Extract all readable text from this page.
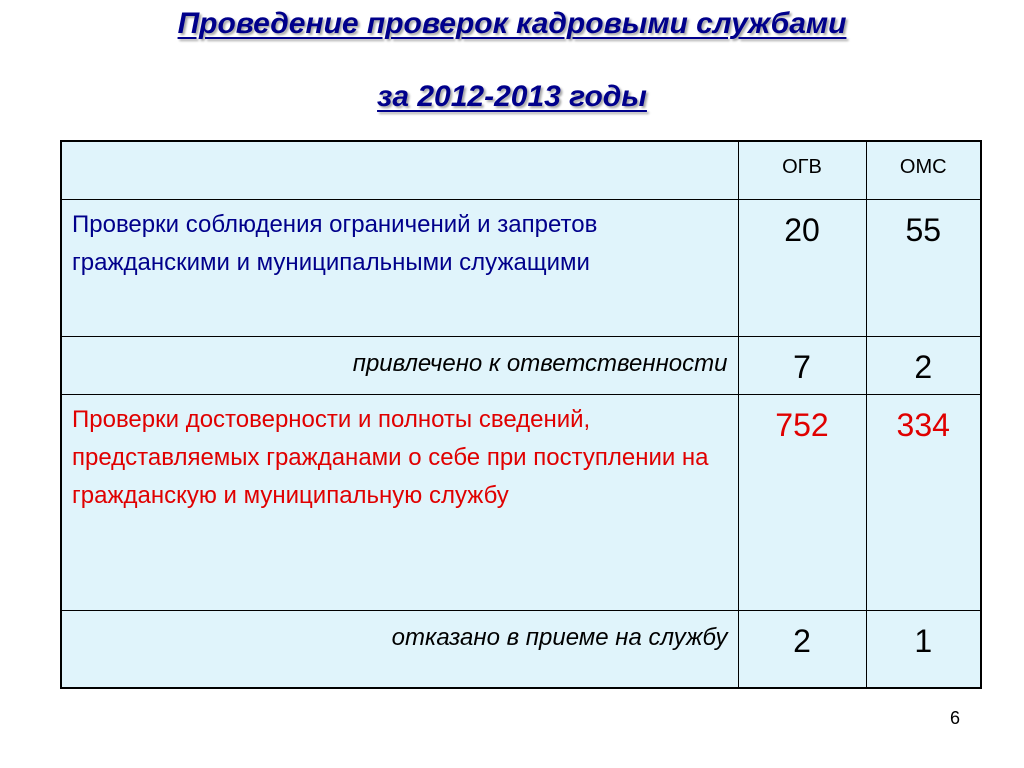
Проведение проверок кадровыми службами
за 2012-2013 годы
	ОГВ	ОМС

Проверки соблюдения ограничений и запретов гражданскими и муниципальными служащими	20	55

привлечено к ответственности	7	2

Проверки достоверности и полноты сведений, представляемых гражданами о себе при поступлении на гражданскую и муниципальную службу	752	334

отказано в приеме на службу	2	1
6
